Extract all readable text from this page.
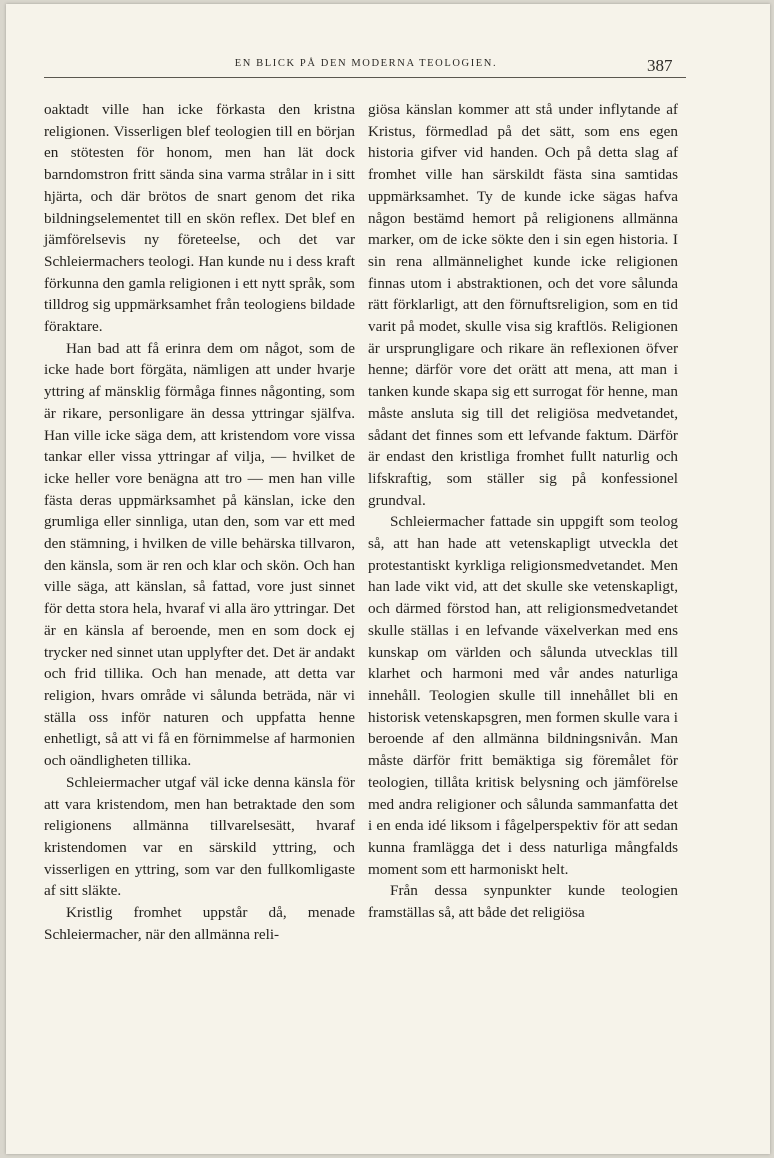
EN BLICK PÅ DEN MODERNA TEOLOGIEN.	387

oaktadt ville han icke förkasta den kristna religionen. Visserligen blef teologien till en början en stötesten för honom, men han lät dock barndomstron fritt sända sina varma strålar in i sitt hjärta, och där brötos de snart genom det rika bildningselementet till en skön reflex. Det blef en jämförelsevis ny företeelse, och det var Schleiermachers teologi. Han kunde nu i dess kraft förkunna den gamla religionen i ett nytt språk, som tilldrog sig uppmärksamhet från teologiens bildade föraktare.

Han bad att få erinra dem om något, som de icke hade bort förgäta, nämligen att under hvarje yttring af mänsklig förmåga finnes någonting, som är rikare, personligare än dessa yttringar själfva. Han ville icke säga dem, att kristendom vore vissa tankar eller vissa yttringar af vilja, — hvilket de icke heller vore benägna att tro — men han ville fästa deras uppmärksamhet på känslan, icke den grumliga eller sinnliga, utan den, som var ett med den stämning, i hvilken de ville behärska tillvaron, den känsla, som är ren och klar och skön. Och han ville säga, att känslan, så fattad, vore just sinnet för detta stora hela, hvaraf vi alla äro yttringar. Det är en känsla af beroende, men en som dock ej trycker ned sinnet utan upplyfter det. Det är andakt och frid tillika. Och han menade, att detta var religion, hvars område vi sålunda beträda, när vi ställa oss inför naturen och uppfatta henne enhetligt, så att vi få en förnimmelse af harmonien och oändligheten tillika.

Schleiermacher utgaf väl icke denna känsla för att vara kristendom, men han betraktade den som religionens allmänna tillvarelsesätt, hvaraf kristendomen var en särskild yttring, och visserligen en yttring, som var den fullkomligaste af sitt släkte.

Kristlig fromhet uppstår då, menade Schleiermacher, när den allmänna reli-

giösa känslan kommer att stå under inflytande af Kristus, förmedlad på det sätt, som ens egen historia gifver vid handen. Och på detta slag af fromhet ville han särskildt fästa sina samtidas uppmärksamhet. Ty de kunde icke sägas hafva någon bestämd hemort på religionens allmänna marker, om de icke sökte den i sin egen historia. I sin rena allmännelighet kunde icke religionen finnas utom i abstraktionen, och det vore sålunda rätt förklarligt, att den förnuftsreligion, som en tid varit på modet, skulle visa sig kraftlös. Religionen är ursprungligare och rikare än reflexionen öfver henne; därför vore det orätt att mena, att man i tanken kunde skapa sig ett surrogat för henne, man måste ansluta sig till det religiösa medvetandet, sådant det finnes som ett lefvande faktum. Därför är endast den kristliga fromhet fullt naturlig och lifskraftig, som ställer sig på konfessionel grundval.

Schleiermacher fattade sin uppgift som teolog så, att han hade att vetenskapligt utveckla det protestantiskt kyrkliga religionsmedvetandet. Men han lade vikt vid, att det skulle ske vetenskapligt, och därmed förstod han, att religionsmedvetandet skulle ställas i en lefvande växelverkan med ens kunskap om världen och sålunda utvecklas till klarhet och harmoni med vår andes naturliga innehåll. Teologien skulle till innehållet bli en historisk vetenskapsgren, men formen skulle vara i beroende af den allmänna bildningsnivån. Man måste därför fritt bemäktiga sig föremålet för teologien, tillåta kritisk belysning och jämförelse med andra religioner och sålunda sammanfatta det i en enda idé liksom i fågelperspektiv för att sedan kunna framlägga det i dess naturliga mångfalds moment som ett harmoniskt helt.

Från dessa synpunkter kunde teologien framställas så, att både det religiösa
